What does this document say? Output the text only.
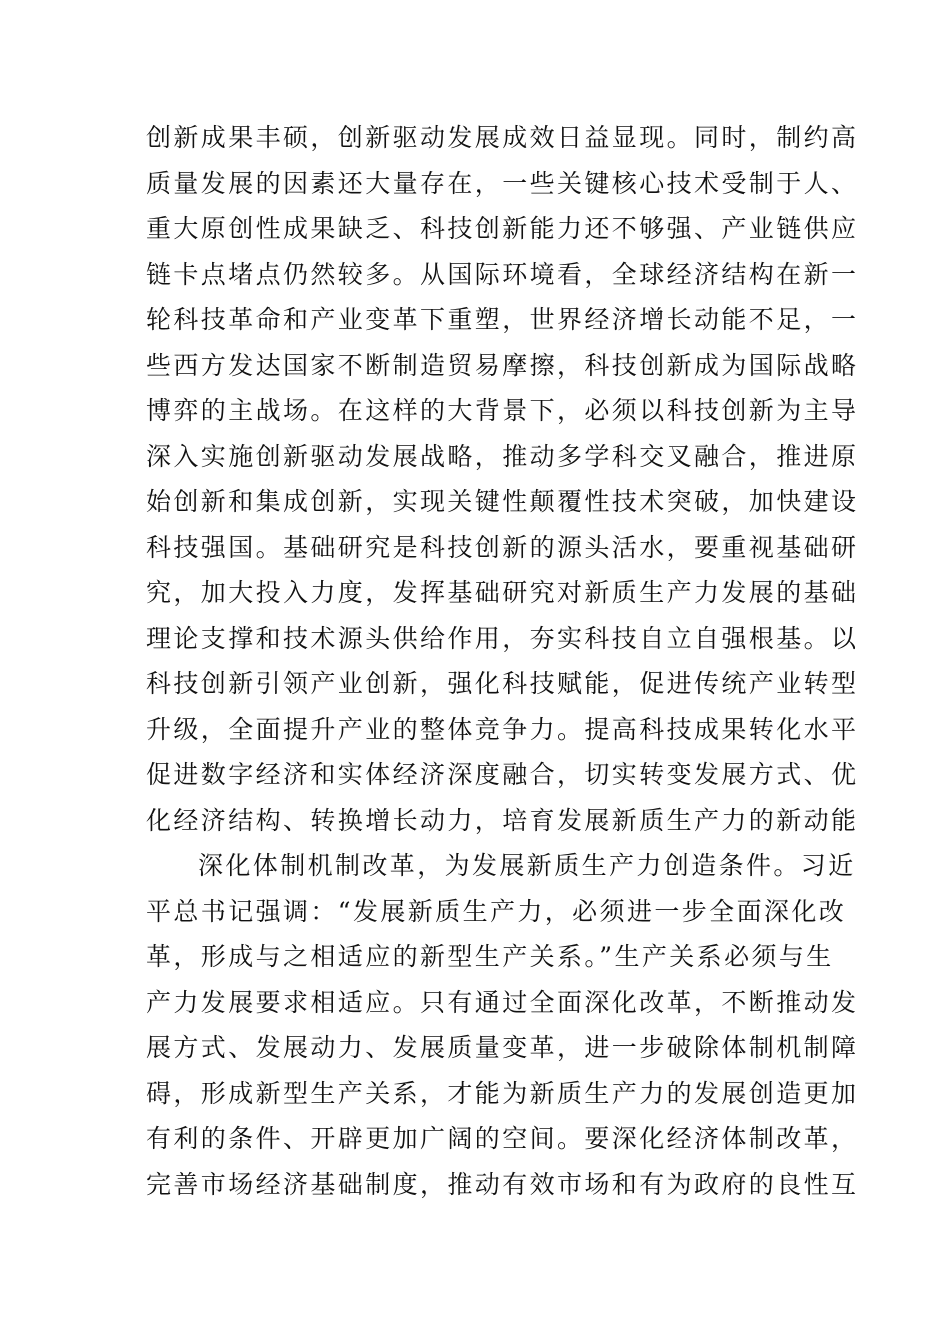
创新成果丰硕，创新驱动发展成效日益显现。同时，制约高
质量发展的因素还大量存在，一些关键核心技术受制于人、
重大原创性成果缺乏、科技创新能力还不够强、产业链供应
链卡点堵点仍然较多。从国际环境看，全球经济结构在新一
轮科技革命和产业变革下重塑，世界经济增长动能不足，一
些西方发达国家不断制造贸易摩擦，科技创新成为国际战略
博弈的主战场。在这样的大背景下，必须以科技创新为主导
深入实施创新驱动发展战略，推动多学科交叉融合，推进原
始创新和集成创新，实现关键性颠覆性技术突破，加快建设
科技强国。基础研究是科技创新的源头活水，要重视基础研
究，加大投入力度，发挥基础研究对新质生产力发展的基础
理论支撑和技术源头供给作用，夯实科技自立自强根基。以
科技创新引领产业创新，强化科技赋能，促进传统产业转型
升级，全面提升产业的整体竞争力。提高科技成果转化水平
促进数字经济和实体经济深度融合，切实转变发展方式、优
化经济结构、转换增长动力，培育发展新质生产力的新动能
深化体制机制改革，为发展新质生产力创造条件。习近
平总书记强调：“发展新质生产力，必须进一步全面深化改
革，形成与之相适应的新型生产关系。”生产关系必须与生
产力发展要求相适应。只有通过全面深化改革，不断推动发
展方式、发展动力、发展质量变革，进一步破除体制机制障
碍，形成新型生产关系，才能为新质生产力的发展创造更加
有利的条件、开辟更加广阔的空间。要深化经济体制改革，
完善市场经济基础制度，推动有效市场和有为政府的良性互
